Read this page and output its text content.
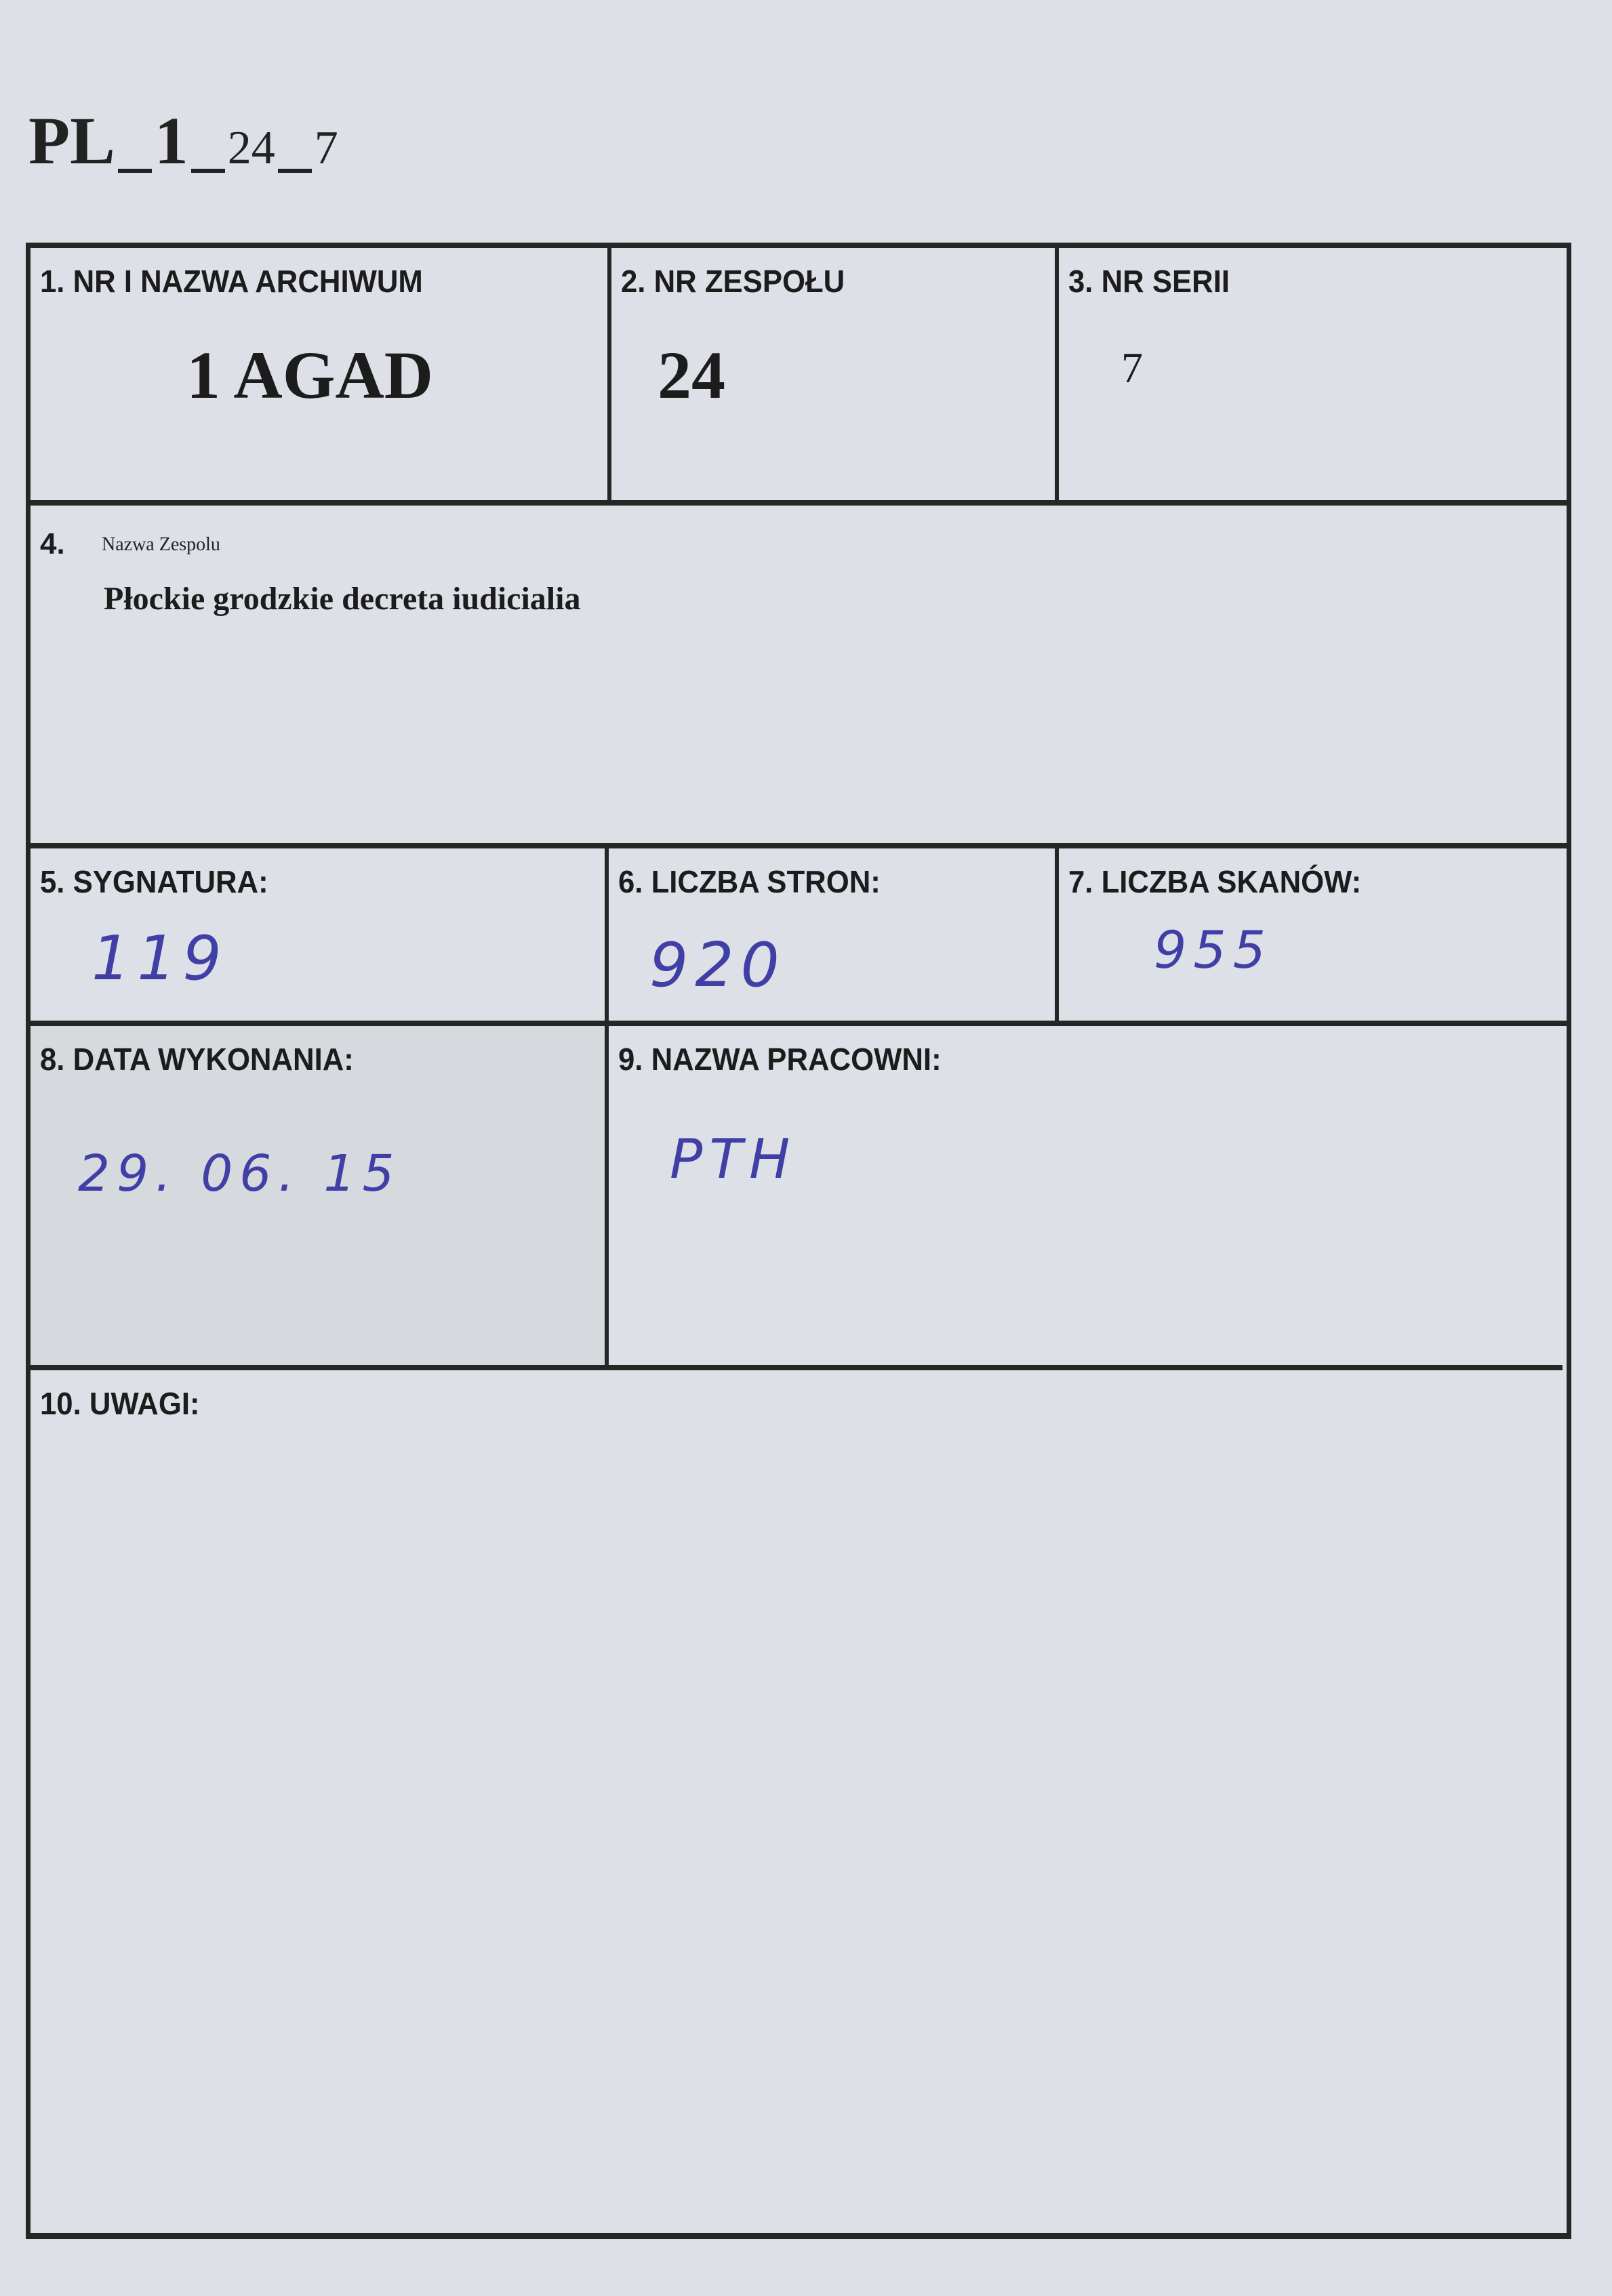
PL 1 24 7
1. NR I NAZWA ARCHIWUM
1 AGAD
2. NR ZESPOŁU
24
3. NR SERII
7
4. Nazwa Zespolu
Płockie grodzkie decreta iudicialia
5. SYGNATURA:
119
6. LICZBA STRON:
920
7. LICZBA SKANÓW:
955
8. DATA WYKONANIA:
29. 06. 15
9. NAZWA PRACOWNI:
PTH
10. UWAGI:
